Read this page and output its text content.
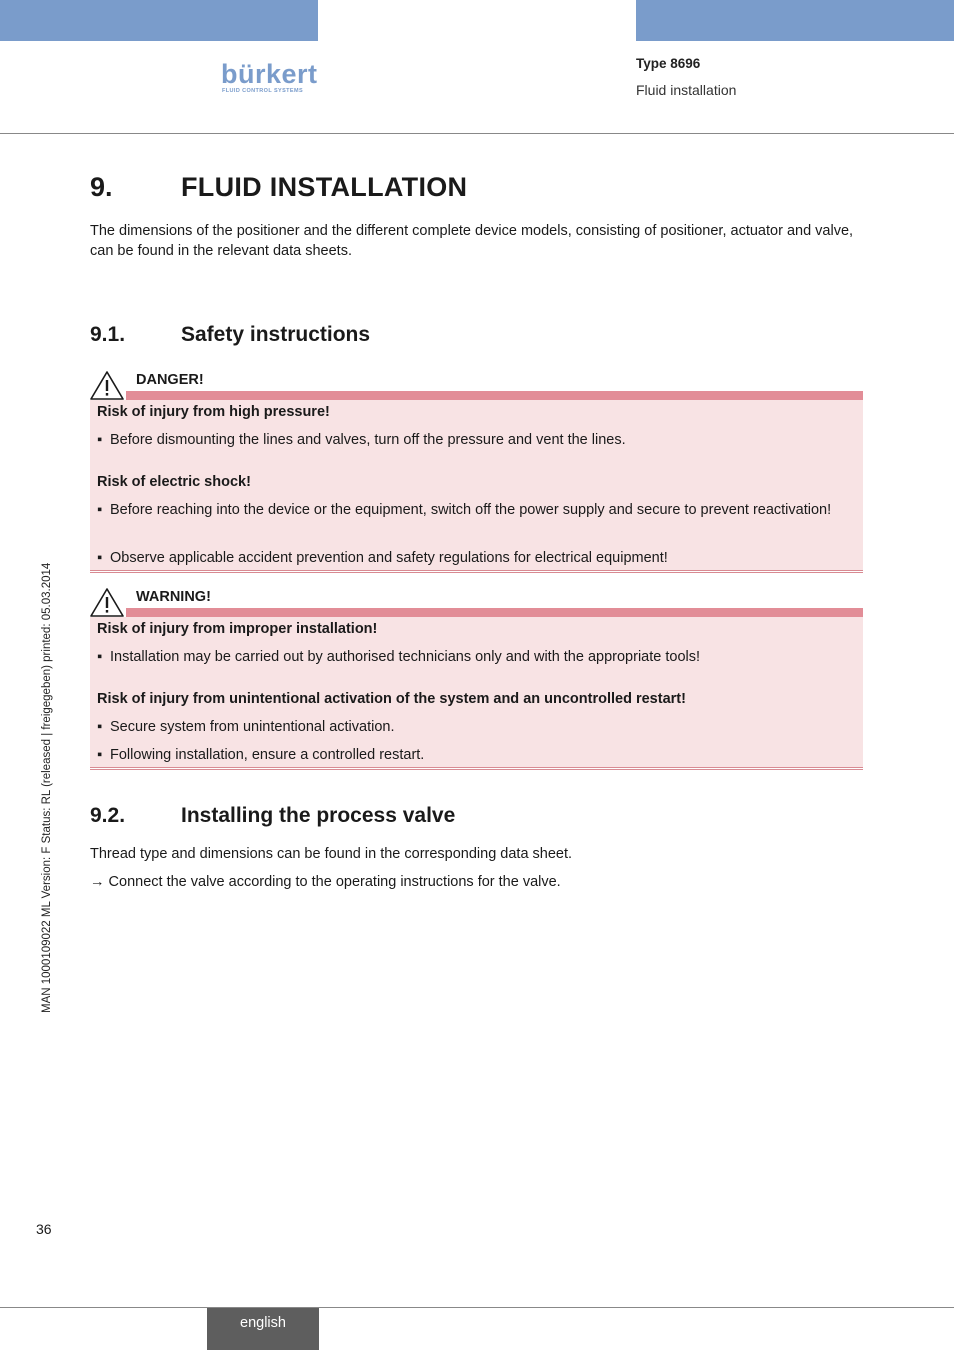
bürkert
FLUID CONTROL SYSTEMS
Type 8696
Fluid installation
9.	FLUID INSTALLATION
The dimensions of the positioner and the different complete device models, consisting of positioner, actuator and valve, can be found in the relevant data sheets.
9.1.	Safety instructions
DANGER!
Risk of injury from high pressure!
▪ Before dismounting the lines and valves, turn off the pressure and vent the lines.
Risk of electric shock!
▪ Before reaching into the device or the equipment, switch off the power supply and secure to prevent reactivation!
▪ Observe applicable accident prevention and safety regulations for electrical equipment!
WARNING!
Risk of injury from improper installation!
▪ Installation may be carried out by authorised technicians only and with the appropriate tools!
Risk of injury from unintentional activation of the system and an uncontrolled restart!
▪ Secure system from unintentional activation.
▪ Following installation, ensure a controlled restart.
9.2.	Installing the process valve
Thread type and dimensions can be found in the corresponding data sheet.
→ Connect the valve according to the operating instructions for the valve.
MAN 1000109022 ML Version: F Status: RL (released | freigegeben) printed: 05.03.2014
36
english
